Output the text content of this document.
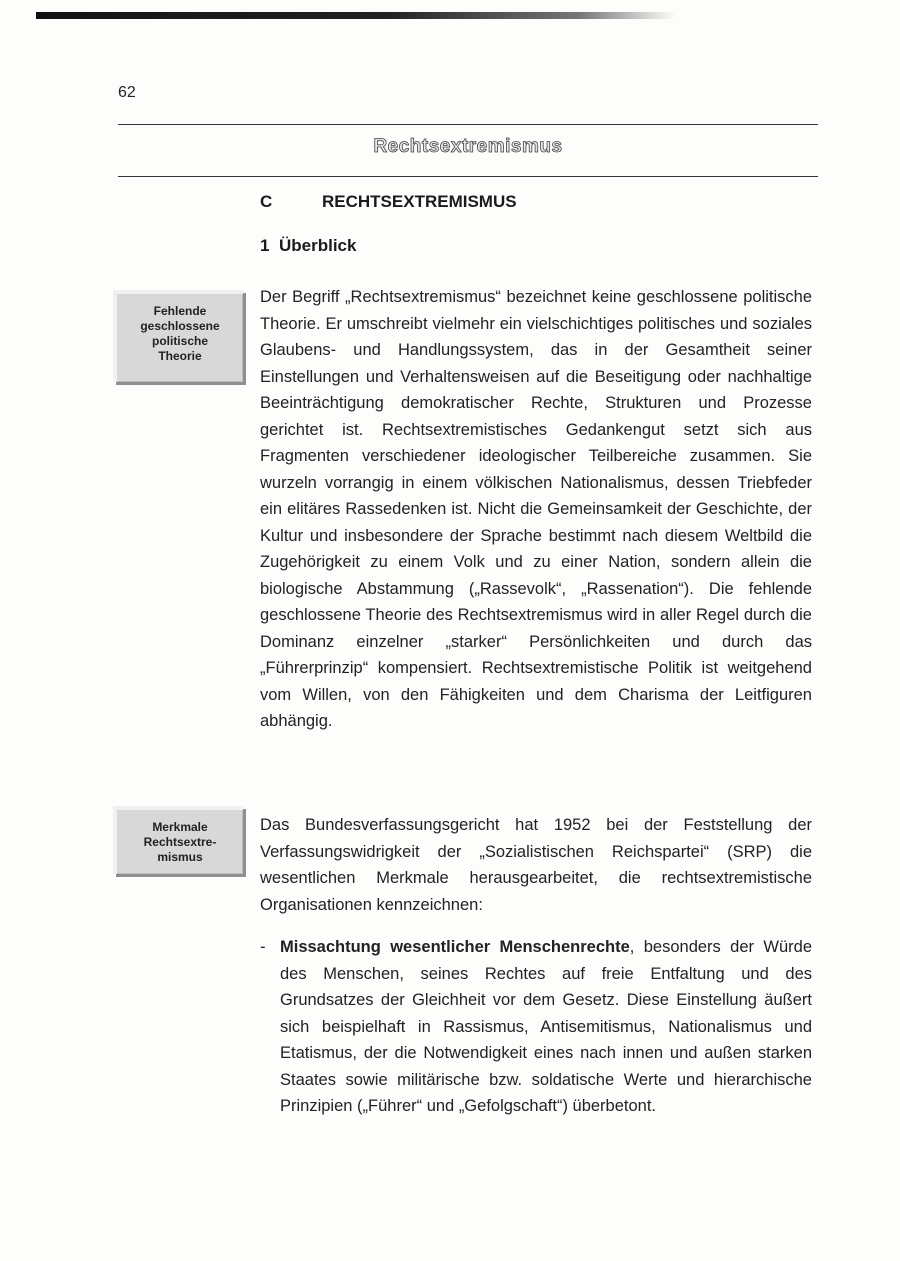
62
Rechtsextremismus
C	RECHTSEXTREMISMUS
1 Überblick
Fehlende
geschlossene
politische
Theorie
Der Begriff „Rechtsextremismus“ bezeichnet keine geschlossene politische Theorie. Er umschreibt vielmehr ein vielschichtiges politisches und soziales Glaubens- und Handlungssystem, das in der Gesamtheit seiner Einstellungen und Verhaltensweisen auf die Beseitigung oder nachhaltige Beeinträchtigung demokratischer Rechte, Strukturen und Prozesse gerichtet ist. Rechtsextremistisches Gedankengut setzt sich aus Fragmenten verschiedener ideologischer Teilbereiche zusammen. Sie wurzeln vorrangig in einem völkischen Nationalismus, dessen Triebfeder ein elitäres Rassedenken ist. Nicht die Gemeinsamkeit der Geschichte, der Kultur und insbesondere der Sprache bestimmt nach diesem Weltbild die Zugehörigkeit zu einem Volk und zu einer Nation, sondern allein die biologische Abstammung („Rassevolk“, „Rassenation“). Die fehlende geschlossene Theorie des Rechtsextremismus wird in aller Regel durch die Dominanz einzelner „starker“ Persönlichkeiten und durch das „Führerprinzip“ kompensiert. Rechtsextremistische Politik ist weitgehend vom Willen, von den Fähigkeiten und dem Charisma der Leitfiguren abhängig.
Merkmale
Rechtsextre-
mismus
Das Bundesverfassungsgericht hat 1952 bei der Feststellung der Verfassungswidrigkeit der „Sozialistischen Reichspartei“ (SRP) die wesentlichen Merkmale herausgearbeitet, die rechtsextremistische Organisationen kennzeichnen:
- Missachtung wesentlicher Menschenrechte, besonders der Würde des Menschen, seines Rechtes auf freie Entfaltung und des Grundsatzes der Gleichheit vor dem Gesetz. Diese Einstellung äußert sich beispielhaft in Rassismus, Antisemitismus, Nationalismus und Etatismus, der die Notwendigkeit eines nach innen und außen starken Staates sowie militärische bzw. soldatische Werte und hierarchische Prinzipien („Führer“ und „Gefolgschaft“) überbetont.
